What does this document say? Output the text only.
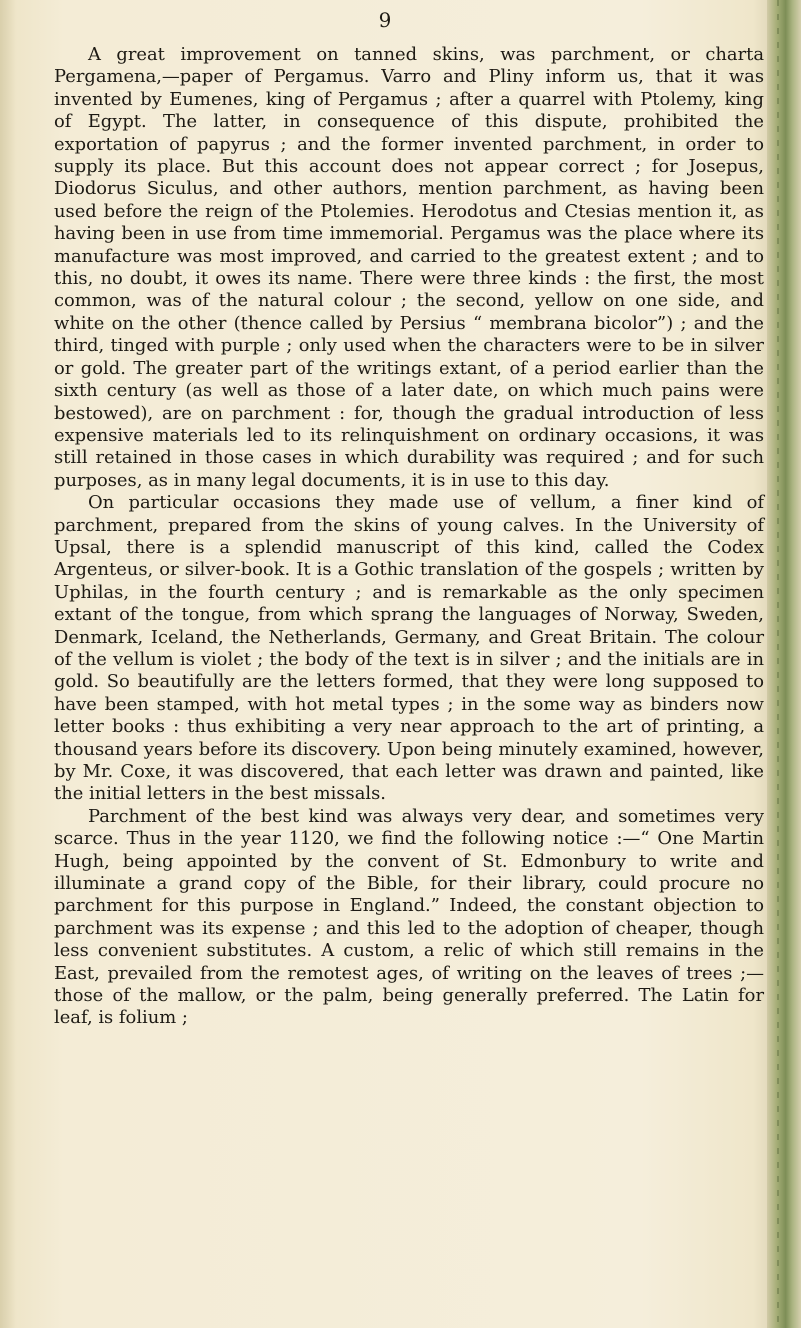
9

A great improvement on tanned skins, was parchment, or charta Pergamena,—paper of Pergamus. Varro and Pliny inform us, that it was invented by Eumenes, king of Pergamus ; after a quarrel with Ptolemy, king of Egypt. The latter, in consequence of this dispute, prohibited the exportation of papyrus ; and the former invented parchment, in order to supply its place. But this account does not appear correct ; for Josepus, Diodorus Siculus, and other authors, mention parchment, as having been used before the reign of the Ptolemies. Herodotus and Ctesias mention it, as having been in use from time immemorial. Pergamus was the place where its manufacture was most improved, and carried to the greatest extent ; and to this, no doubt, it owes its name. There were three kinds : the first, the most common, was of the natural colour ; the second, yellow on one side, and white on the other (thence called by Persius “ membrana bicolor”) ; and the third, tinged with purple ; only used when the characters were to be in silver or gold. The greater part of the writings extant, of a period earlier than the sixth century (as well as those of a later date, on which much pains were bestowed), are on parchment : for, though the gradual introduction of less expensive materials led to its relinquishment on ordinary occasions, it was still retained in those cases in which durability was required ; and for such purposes, as in many legal documents, it is in use to this day.

On particular occasions they made use of vellum, a finer kind of parchment, prepared from the skins of young calves. In the University of Upsal, there is a splendid manuscript of this kind, called the Codex Argenteus, or silver-book. It is a Gothic translation of the gospels ; written by Uphilas, in the fourth century ; and is remarkable as the only specimen extant of the tongue, from which sprang the languages of Norway, Sweden, Denmark, Iceland, the Netherlands, Germany, and Great Britain. The colour of the vellum is violet ; the body of the text is in silver ; and the initials are in gold. So beautifully are the letters formed, that they were long supposed to have been stamped, with hot metal types ; in the some way as binders now letter books : thus exhibiting a very near approach to the art of printing, a thousand years before its discovery. Upon being minutely examined, however, by Mr. Coxe, it was discovered, that each letter was drawn and painted, like the initial letters in the best missals.

Parchment of the best kind was always very dear, and sometimes very scarce. Thus in the year 1120, we find the following notice :—“ One Martin Hugh, being appointed by the convent of St. Edmonbury to write and illuminate a grand copy of the Bible, for their library, could procure no parchment for this purpose in England.” Indeed, the constant objection to parchment was its expense ; and this led to the adoption of cheaper, though less convenient substitutes. A custom, a relic of which still remains in the East, prevailed from the remotest ages, of writing on the leaves of trees ;—those of the mallow, or the palm, being generally preferred. The Latin for leaf, is folium ;
